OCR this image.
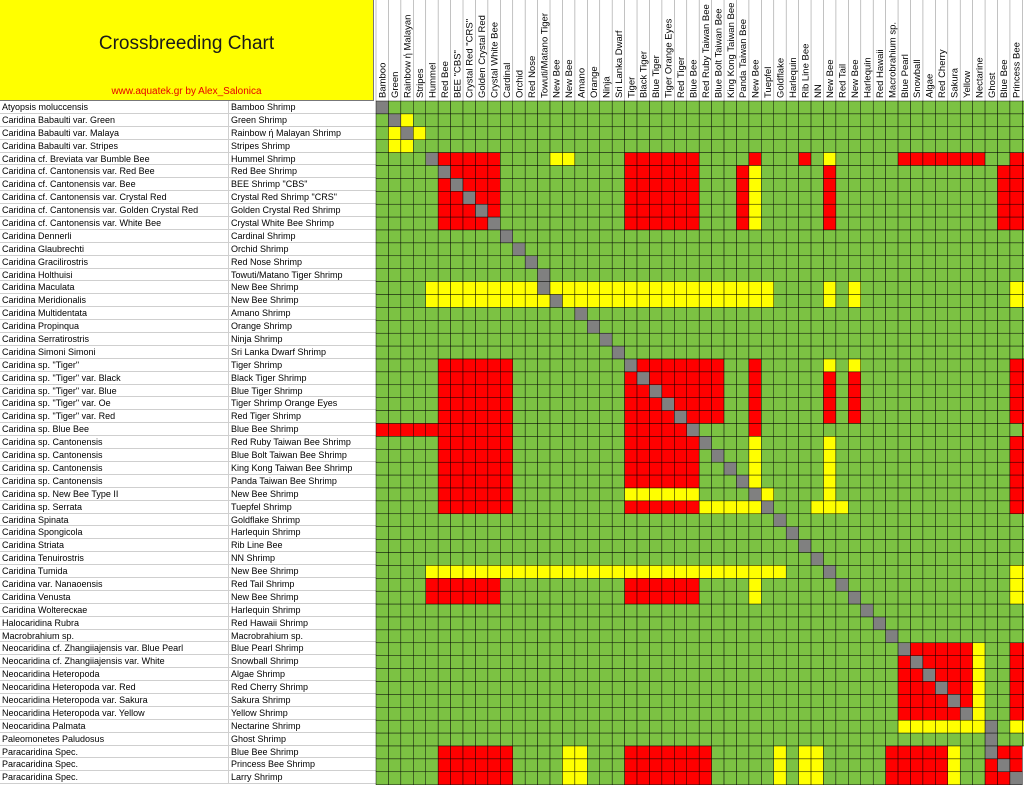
Crossbreeding Chart
www.aquatek.gr by Alex_Salonica
Atyopsis moluccensis	Bamboo Shrimp
Caridina Babaulti var. Green	Green Shrimp
Caridina Babaulti var. Malaya	Rainbow ή Malayan Shrimp
Caridina Babaulti var. Stripes	Stripes Shrimp
Caridina cf. Breviata var Bumble Bee	Hummel Shrimp
Caridina cf. Cantonensis var. Red Bee	Red Bee Shrimp
Caridina cf. Cantonensis var. Bee	BEE Shrimp "CBS"
Caridina cf. Cantonensis var. Crystal Red	Crystal Red Shrimp "CRS"
Caridina cf. Cantonensis var. Golden Crystal Red	Golden Crystal Red Shrimp
Caridina cf. Cantonensis var. White Bee	Crystal White Bee Shrimp
Caridina Dennerli	Cardinal Shrimp
Caridina Glaubrechti	Orchid Shrimp
Caridina Gracilirostris	Red Nose Shrimp
Caridina Holthuisi	Towuti/Matano Tiger Shrimp
Caridina Maculata	New Bee Shrimp
Caridina Meridionalis	New Bee Shrimp
Caridina Multidentata	Amano Shrimp
Caridina Propinqua	Orange Shrimp
Caridina Serratirostris	Ninja Shrimp
Caridina Simoni Simoni	Sri Lanka Dwarf Shrimp
Caridina sp. "Tiger"	Tiger Shrimp
Caridina sp. "Tiger" var. Black	Black Tiger Shrimp
Caridina sp. "Tiger" var. Blue	Blue Tiger Shrimp
Caridina sp. "Tiger" var. Oe	Tiger Shrimp Orange Eyes
Caridina sp. "Tiger" var. Red	Red Tiger Shrimp
Caridina sp. Blue Bee	Blue Bee Shrimp
Caridina sp. Cantonensis	Red Ruby Taiwan Bee Shrimp
Caridina sp. Cantonensis	Blue Bolt Taiwan Bee Shrimp
Caridina sp. Cantonensis	King Kong Taiwan Bee Shrimp
Caridina sp. Cantonensis	Panda Taiwan Bee Shrimp
Caridina sp. New Bee Type II	New Bee Shrimp
Caridina sp. Serrata	Tuepfel Shrimp
Caridina Spinata	Goldflake Shrimp
Caridina Spongicola	Harlequin Shrimp
Caridina Striata	Rib Line Bee
Caridina Tenuirostris	NN Shrimp
Caridina Tumida	New Bee Shrimp
Caridina var. Nanaoensis	Red Tail Shrimp
Caridina Venusta	New Bee Shrimp
Caridina Wolterecкae	Harlequin Shrimp
Halocaridina Rubra	Red Hawaii Shrimp
Macrobrahium sp.	Macrobrahium sp.
Neocaridina cf. Zhangiiajensis var. Blue Pearl	Blue Pearl Shrimp
Neocaridina cf. Zhangiiajensis var. White	Snowball Shrimp
Neocaridina Heteropoda	Algae Shrimp
Neocaridina Heteropoda var. Red	Red Cherry Shrimp
Neocaridina Heteropoda var. Sakura	Sakura Shrimp
Neocaridina Heteropoda var. Yellow	Yellow Shrimp
Neocaridina Palmata	Nectarine Shrimp
Paleomonetes Paludosus	Ghost Shrimp
Paracaridina Spec.	Blue Bee Shrimp
Paracaridina Spec.	Princess Bee Shrimp
Paracaridina Spec.	Larry Shrimp
Bamboo Green Rainbow ή Malayan Stripes Hummel Red Bee BEE "CBS" Crystal Red "CRS" Golden Crystal Red Crystal White Bee Cardinal Orchid Red Nose Towuti/Matano Tiger New Bee New Bee Amano Orange Ninja Sri Lanka Dwarf Tiger Black Tiger Blue Tiger Tiger Orange Eyes Red Tiger Blue Bee Red Ruby Taiwan Bee Blue Bolt Taiwan Bee King Kong Taiwan Bee Panda Taiwan Bee New Bee Tuepfel Goldflake Harlequin Rib Line Bee NN New Bee Red Tail New Bee Harlequin Red Hawaii Macrobrahium sp. Blue Pearl Snowball Algae Red Cherry Sakura Yellow Nectarine Ghost Blue Bee Princess Bee
